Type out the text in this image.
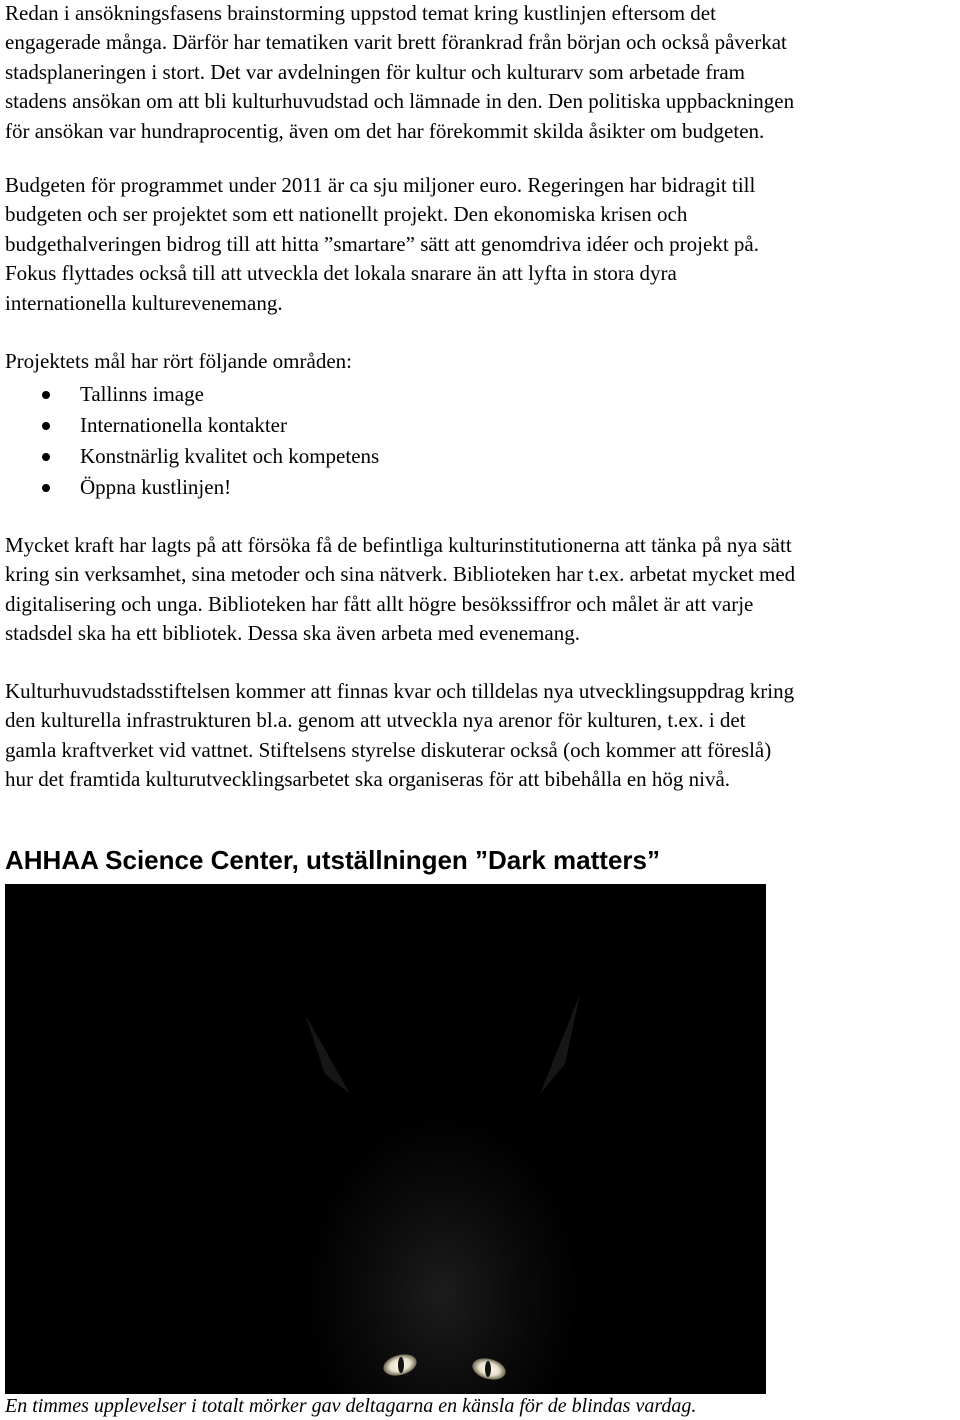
Redan i ansökningsfasens brainstorming uppstod temat kring kustlinjen eftersom det
engagerade många. Därför har tematiken varit brett förankrad från början och också påverkat
stadsplaneringen i stort. Det var avdelningen för kultur och kulturarv som arbetade fram
stadens ansökan om att bli kulturhuvudstad och lämnade in den. Den politiska uppbackningen
för ansökan var hundraprocentig, även om det har förekommit skilda åsikter om budgeten.

Budgeten för programmet under 2011 är ca sju miljoner euro. Regeringen har bidragit till
budgeten och ser projektet som ett nationellt projekt. Den ekonomiska krisen och
budgethalveringen bidrog till att hitta ”smartare” sätt att genomdriva idéer och projekt på.
Fokus flyttades också till att utveckla det lokala snarare än att lyfta in stora dyra
internationella kulturevenemang.

Projektets mål har rört följande områden:

Tallinns image
Internationella kontakter
Konstnärlig kvalitet och kompetens
Öppna kustlinjen!

Mycket kraft har lagts på att försöka få de befintliga kulturinstitutionerna att tänka på nya sätt
kring sin verksamhet, sina metoder och sina nätverk. Biblioteken har t.ex. arbetat mycket med
digitalisering och unga. Biblioteken har fått allt högre besökssiffror och målet är att varje
stadsdel ska ha ett bibliotek. Dessa ska även arbeta med evenemang.

Kulturhuvudstadsstiftelsen kommer att finnas kvar och tilldelas nya utvecklingsuppdrag kring
den kulturella infrastrukturen bl.a. genom att utveckla nya arenor för kulturen, t.ex. i det
gamla kraftverket vid vattnet. Stiftelsens styrelse diskuterar också (och kommer att föreslå)
hur det framtida kulturutvecklingsarbetet ska organiseras för att bibehålla en hög nivå.

AHHAA Science Center, utställningen ”Dark matters”

En timmes upplevelser i totalt mörker gav deltagarna en känsla för de blindas vardag.
